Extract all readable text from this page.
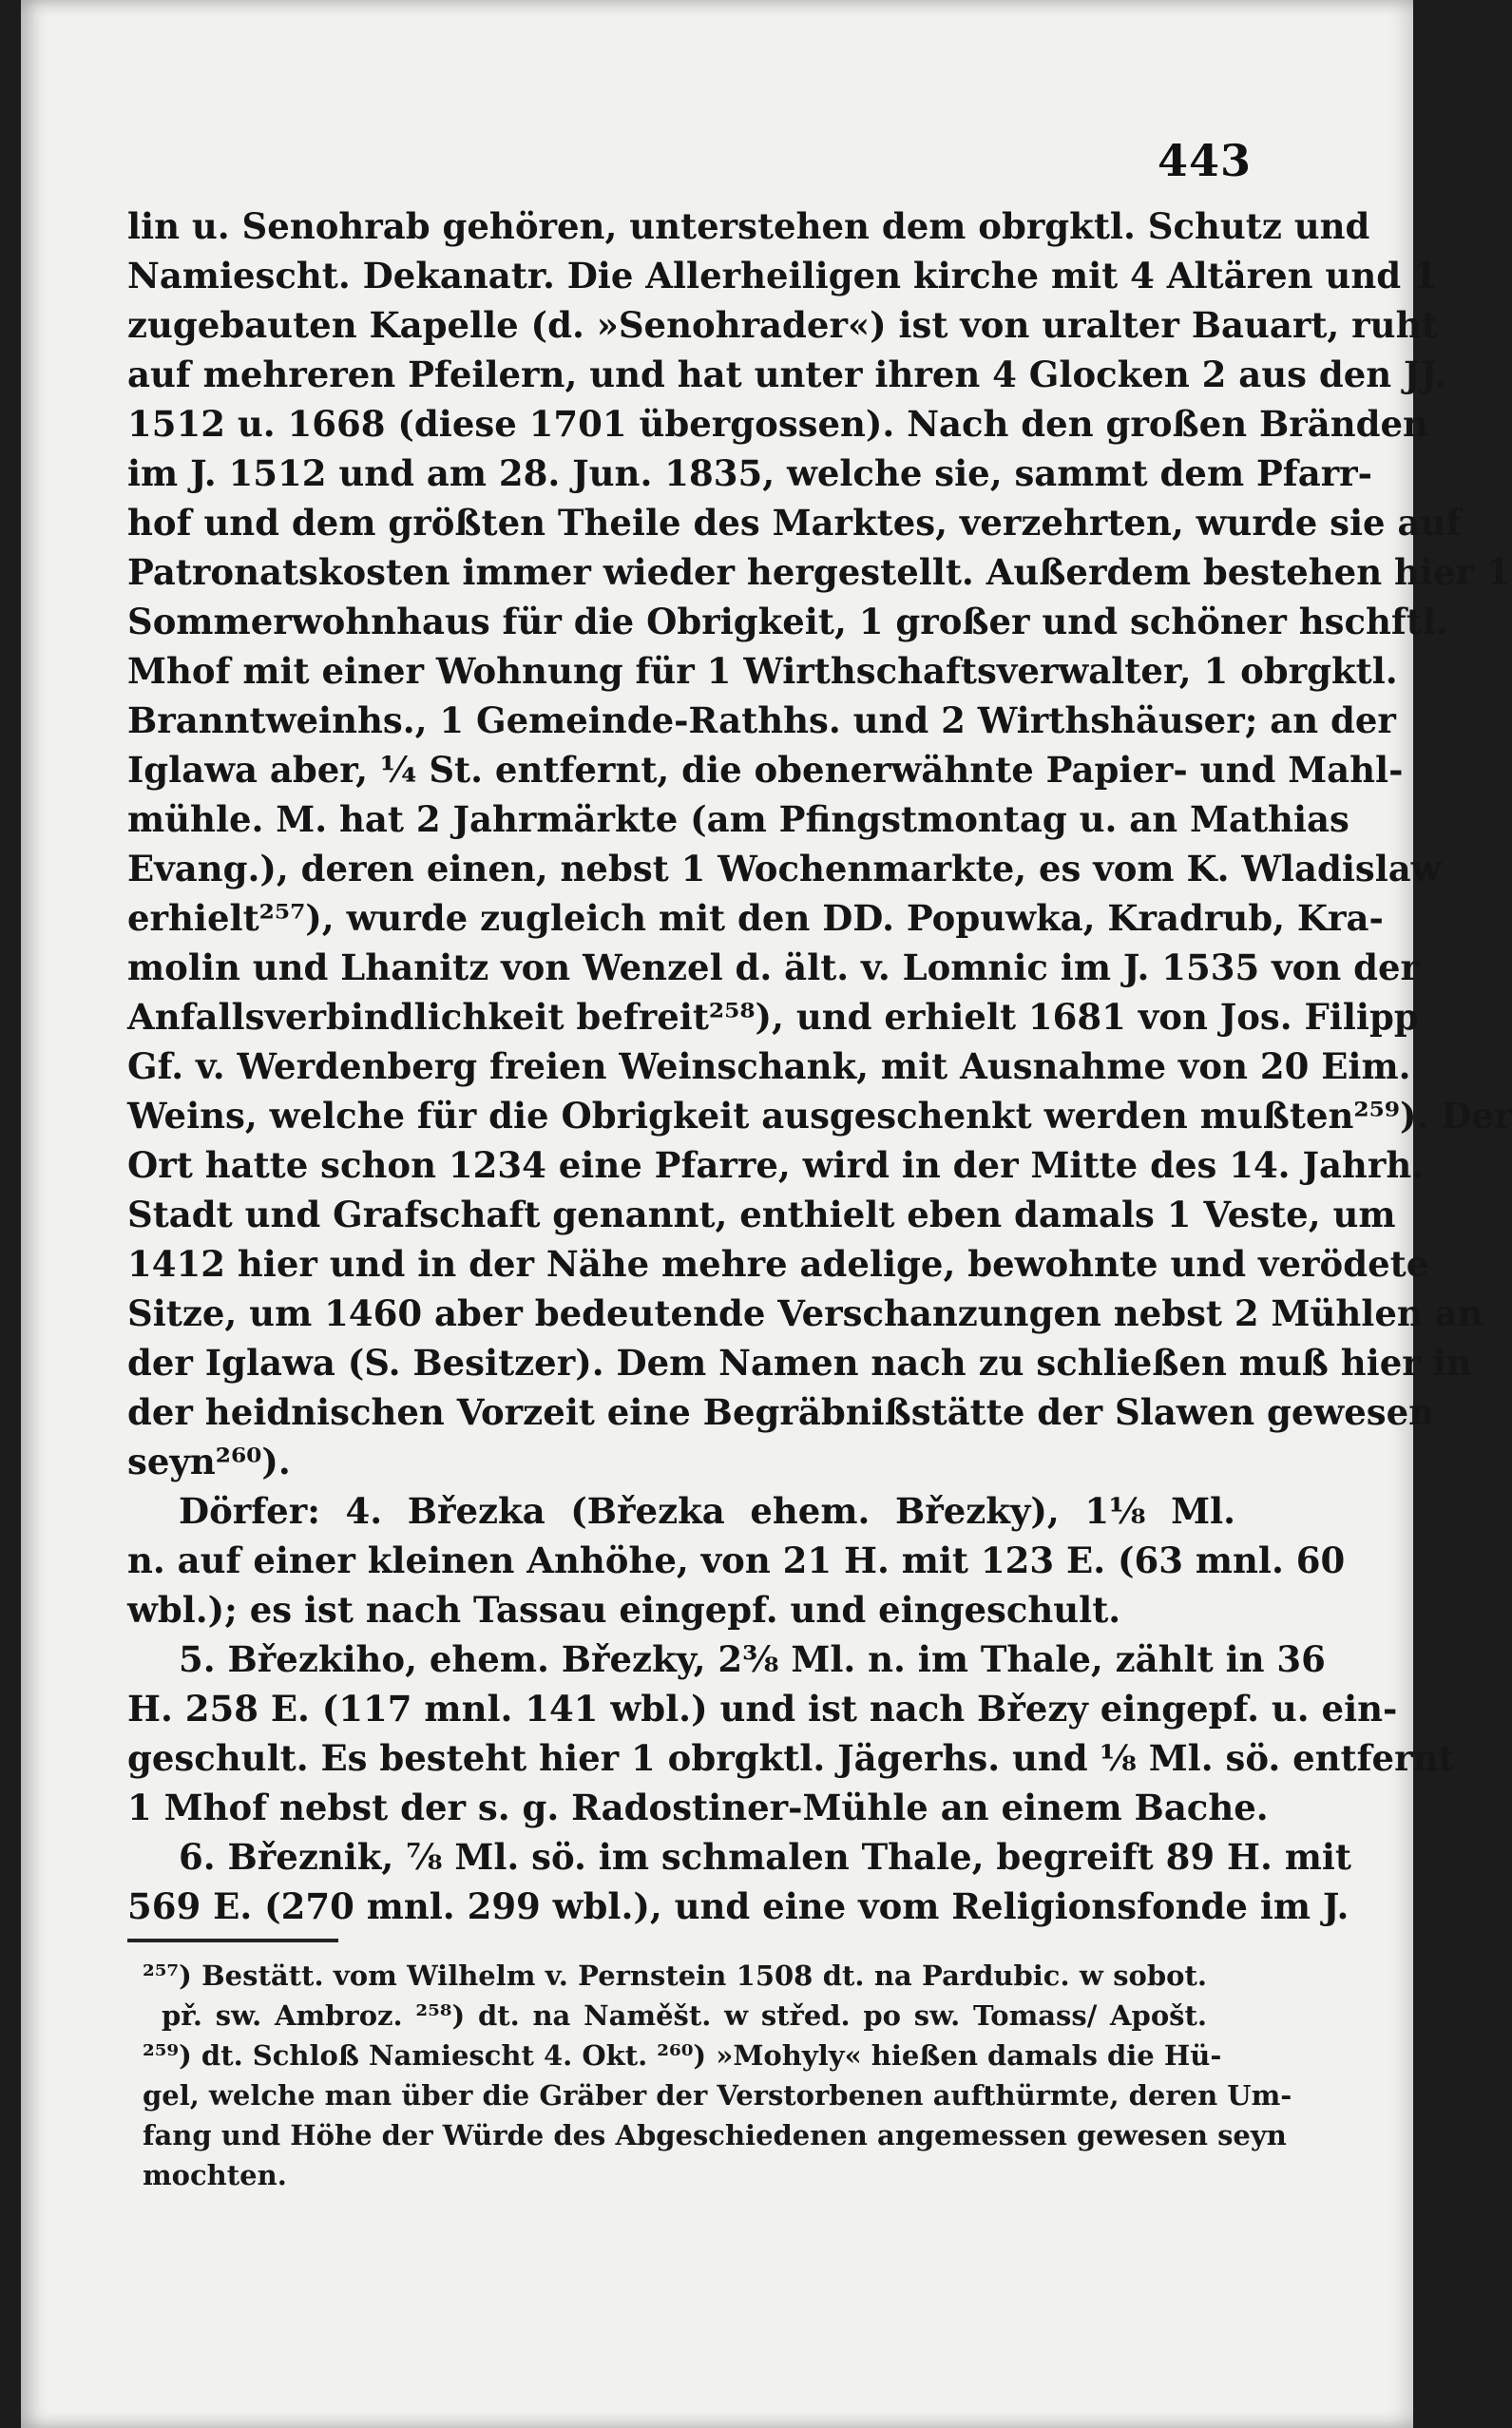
443
lin u. Senohrab gehören, unterstehen dem obrgktl. Schutz und
Namiescht. Dekanatr. Die Allerheiligen kirche mit 4 Altären und 1
zugebauten Kapelle (d. »Senohrader«) ist von uralter Bauart, ruht
auf mehreren Pfeilern, und hat unter ihren 4 Glocken 2 aus den JJ.
1512 u. 1668 (diese 1701 übergossen). Nach den großen Bränden
im J. 1512 und am 28. Jun. 1835, welche sie, sammt dem Pfarr-
hof und dem größten Theile des Marktes, verzehrten, wurde sie auf
Patronatskosten immer wieder hergestellt. Außerdem bestehen hier 1
Sommerwohnhaus für die Obrigkeit, 1 großer und schöner hschftl.
Mhof mit einer Wohnung für 1 Wirthschaftsverwalter, 1 obrgktl.
Branntweinhs., 1 Gemeinde-Rathhs. und 2 Wirthshäuser; an der
Iglawa aber, ¼ St. entfernt, die obenerwähnte Papier- und Mahl-
mühle. M. hat 2 Jahrmärkte (am Pfingstmontag u. an Mathias
Evang.), deren einen, nebst 1 Wochenmarkte, es vom K. Wladislaw
erhielt²⁵⁷), wurde zugleich mit den DD. Popuwka, Kradrub, Kra-
molin und Lhanitz von Wenzel d. ält. v. Lomnic im J. 1535 von der
Anfallsverbindlichkeit befreit²⁵⁸), und erhielt 1681 von Jos. Filipp
Gf. v. Werdenberg freien Weinschank, mit Ausnahme von 20 Eim.
Weins, welche für die Obrigkeit ausgeschenkt werden mußten²⁵⁹). Der
Ort hatte schon 1234 eine Pfarre, wird in der Mitte des 14. Jahrh.
Stadt und Grafschaft genannt, enthielt eben damals 1 Veste, um
1412 hier und in der Nähe mehre adelige, bewohnte und verödete
Sitze, um 1460 aber bedeutende Verschanzungen nebst 2 Mühlen an
der Iglawa (S. Besitzer). Dem Namen nach zu schließen muß hier in
der heidnischen Vorzeit eine Begräbnißstätte der Slawen gewesen
seyn²⁶⁰).
Dörfer: 4. Březka (Březka ehem. Březky), 1⅛ Ml.
n. auf einer kleinen Anhöhe, von 21 H. mit 123 E. (63 mnl. 60
wbl.); es ist nach Tassau eingepf. und eingeschult.
5. Březkiho, ehem. Březky, 2⅜ Ml. n. im Thale, zählt in 36
H. 258 E. (117 mnl. 141 wbl.) und ist nach Březy eingepf. u. ein-
geschult. Es besteht hier 1 obrgktl. Jägerhs. und ⅛ Ml. sö. entfernt
1 Mhof nebst der s. g. Radostiner-Mühle an einem Bache.
6. Březnik, ⅞ Ml. sö. im schmalen Thale, begreift 89 H. mit
569 E. (270 mnl. 299 wbl.), und eine vom Religionsfonde im J.
²⁵⁷) Bestätt. vom Wilhelm v. Pernstein 1508 dt. na Pardubic. w sobot.
př. sw. Ambroz. ²⁵⁸) dt. na Naměšt. w střed. po sw. Tomass/ Apošt.
²⁵⁹) dt. Schloß Namiescht 4. Okt. ²⁶⁰) »Mohyly« hießen damals die Hü-
gel, welche man über die Gräber der Verstorbenen aufthürmte, deren Um-
fang und Höhe der Würde des Abgeschiedenen angemessen gewesen seyn
mochten.
